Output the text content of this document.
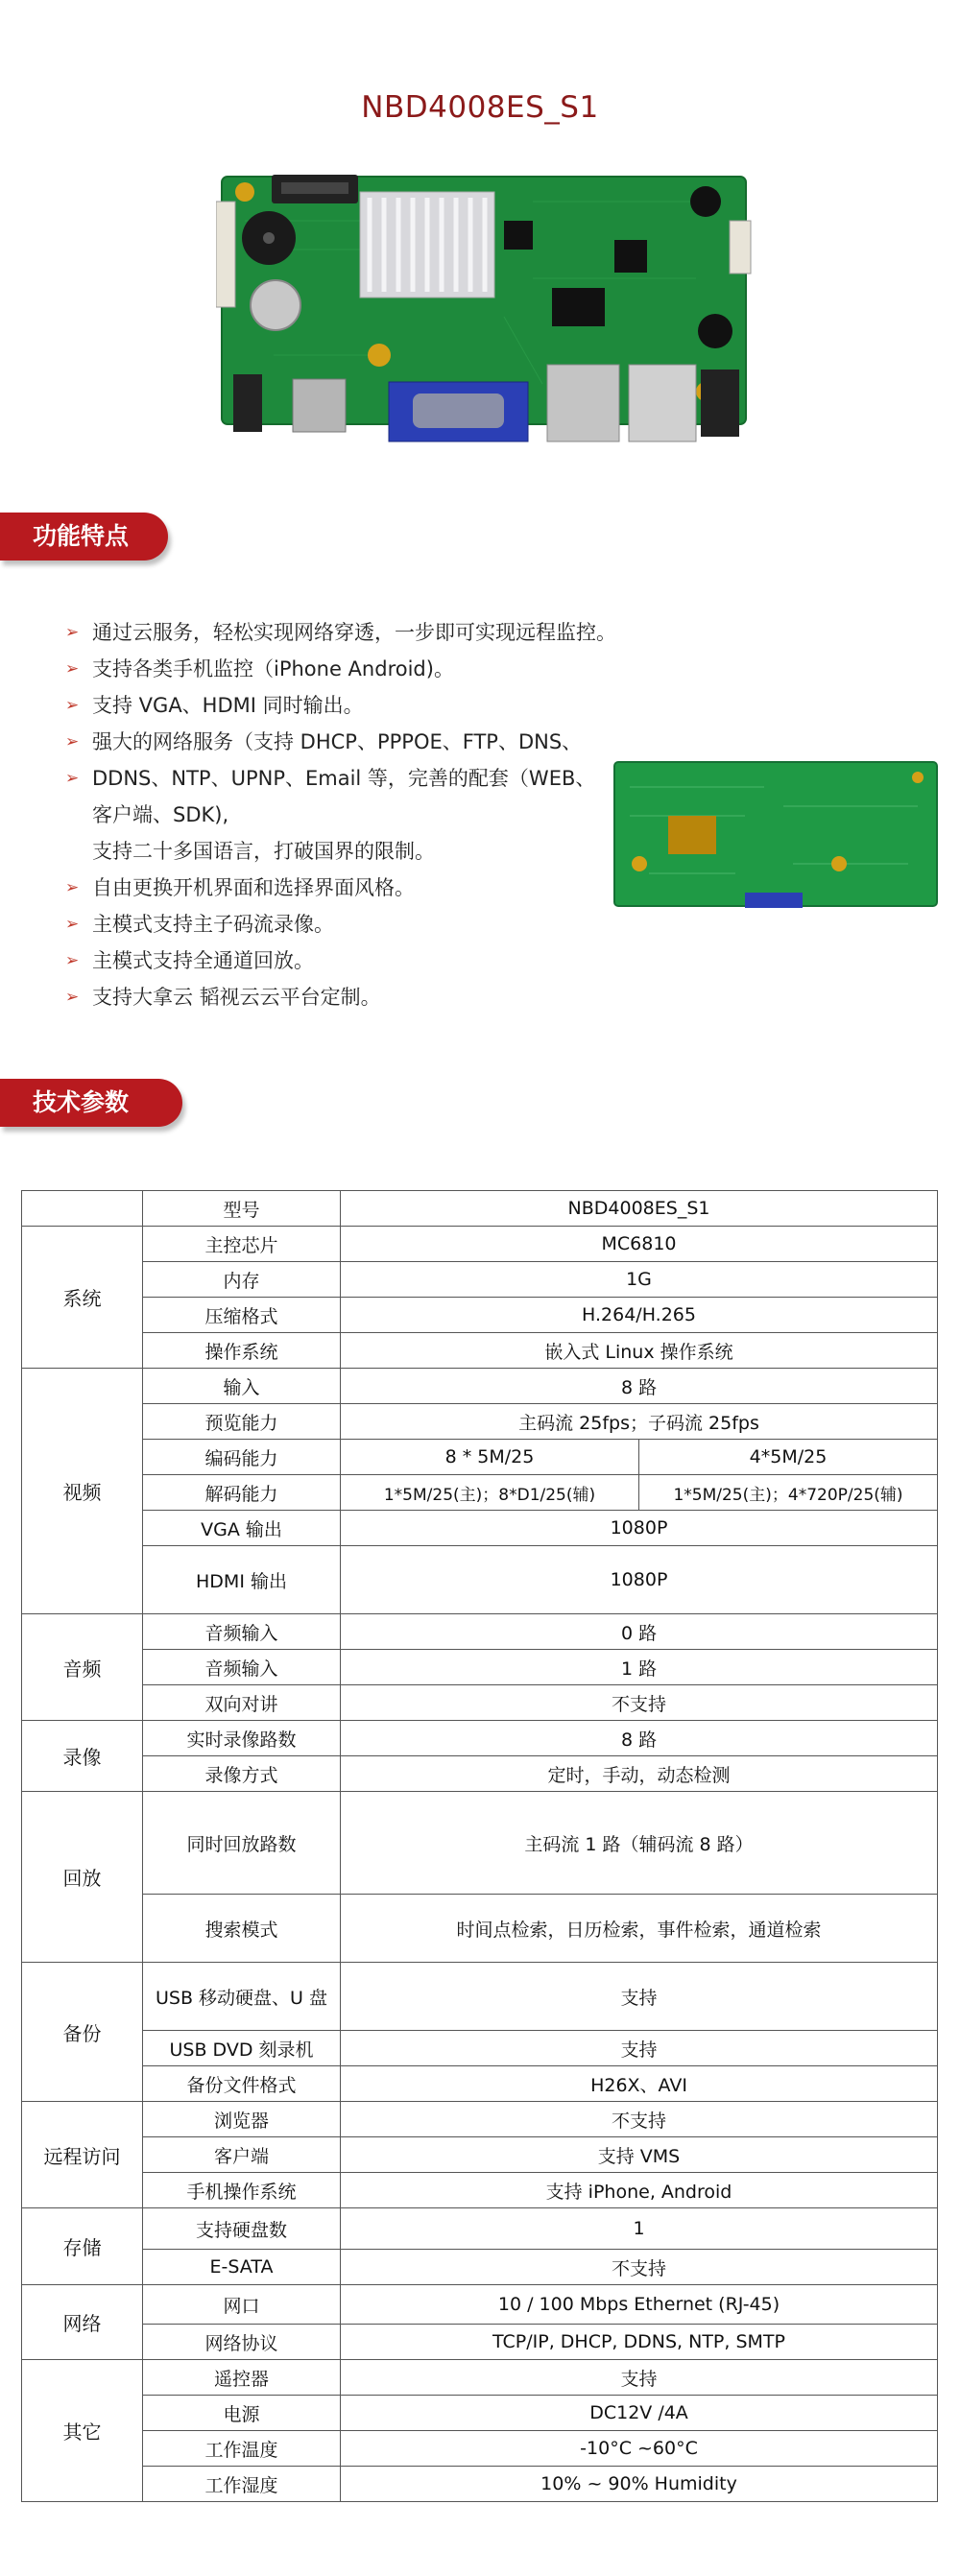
NBD4008ES_S1
功能特点
➢ 通过云服务，轻松实现网络穿透，一步即可实现远程监控。
➢ 支持各类手机监控（iPhone Android)。
➢ 支持 VGA、HDMI 同时输出。
➢ 强大的网络服务（支持 DHCP、PPPOE、FTP、DNS、
➢ DDNS、NTP、UPNP、Email 等，完善的配套（WEB、
客户端、SDK),
支持二十多国语言，打破国界的限制。
➢ 自由更换开机界面和选择界面风格。
➢ 主模式支持主子码流录像。
➢ 主模式支持全通道回放。
➢ 支持大拿云 韬视云云平台定制。
技术参数
	型号	NBD4008ES_S1	
系统	主控芯片	MC6810	
	内存	1G	
	压缩格式	H.264/H.265	
	操作系统	嵌入式 Linux 操作系统	
视频	输入	8 路	
	预览能力	主码流 25fps；子码流 25fps	
	编码能力	8 * 5M/25	4*5M/25
	解码能力	1*5M/25(主)；8*D1/25(辅)	1*5M/25(主)；4*720P/25(辅)
	VGA 输出	1080P	
	HDMI 输出	1080P	
音频	音频输入	0 路	
	音频输入	1 路	
	双向对讲	不支持	
录像	实时录像路数	8 路	
	录像方式	定时，手动，动态检测	
回放	同时回放路数	主码流 1 路（辅码流 8 路）	
	搜索模式	时间点检索，日历检索，事件检索，通道检索	
备份	USB 移动硬盘、U 盘	支持	
	USB DVD 刻录机	支持	
	备份文件格式	H26X、AVI	
远程访问	浏览器	不支持	
	客户端	支持 VMS	
	手机操作系统	支持 iPhone, Android	
存储	支持硬盘数	1	
	E-SATA	不支持	
网络	网口	10 / 100 Mbps Ethernet (RJ-45)	
	网络协议	TCP/IP, DHCP, DDNS, NTP, SMTP	
其它	遥控器	支持	
	电源	DC12V /4A	
	工作温度	-10°C ~60°C	
	工作湿度	10% ~ 90% Humidity	
